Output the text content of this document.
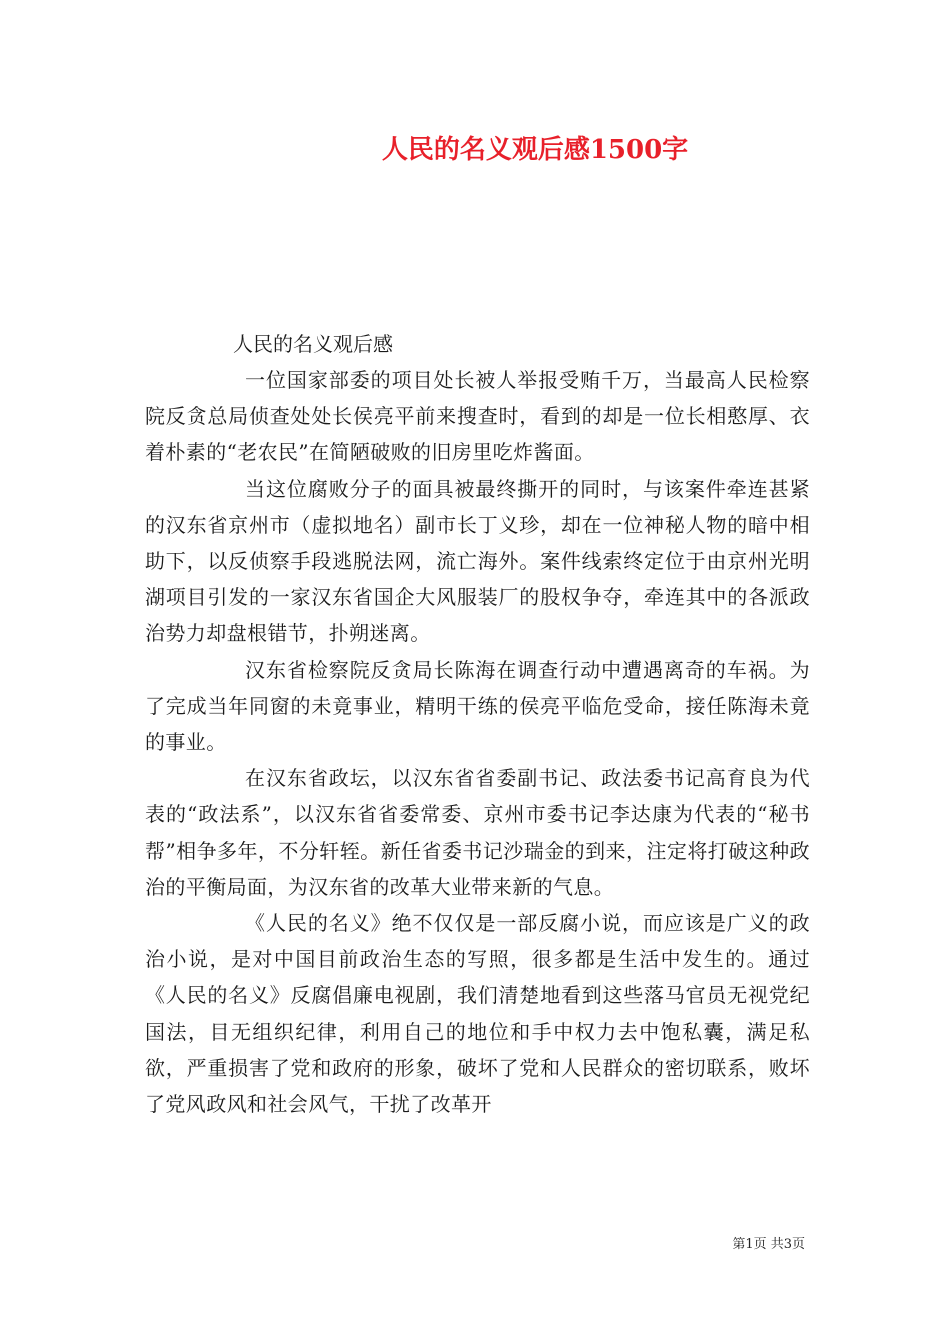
人民的名义观后感1500字

人民的名义观后感

一位国家部委的项目处长被人举报受贿千万，当最高人民检察院反贪总局侦查处处长侯亮平前来搜查时，看到的却是一位长相憨厚、衣着朴素的“老农民”在简陋破败的旧房里吃炸酱面。

当这位腐败分子的面具被最终撕开的同时，与该案件牵连甚紧的汉东省京州市（虚拟地名）副市长丁义珍，却在一位神秘人物的暗中相助下，以反侦察手段逃脱法网，流亡海外。案件线索终定位于由京州光明湖项目引发的一家汉东省国企大风服装厂的股权争夺，牵连其中的各派政治势力却盘根错节，扑朔迷离。

汉东省检察院反贪局长陈海在调查行动中遭遇离奇的车祸。为了完成当年同窗的未竟事业，精明干练的侯亮平临危受命，接任陈海未竟的事业。

在汉东省政坛，以汉东省省委副书记、政法委书记高育良为代表的“政法系”，以汉东省省委常委、京州市委书记李达康为代表的“秘书帮”相争多年，不分轩轾。新任省委书记沙瑞金的到来，注定将打破这种政治的平衡局面，为汉东省的改革大业带来新的气息。

《人民的名义》绝不仅仅是一部反腐小说，而应该是广义的政治小说，是对中国目前政治生态的写照，很多都是生活中发生的。通过《人民的名义》反腐倡廉电视剧，我们清楚地看到这些落马官员无视党纪国法，目无组织纪律，利用自己的地位和手中权力去中饱私囊，满足私欲，严重损害了党和政府的形象，破坏了党和人民群众的密切联系，败坏了党风政风和社会风气，干扰了改革开

第1页 共3页
